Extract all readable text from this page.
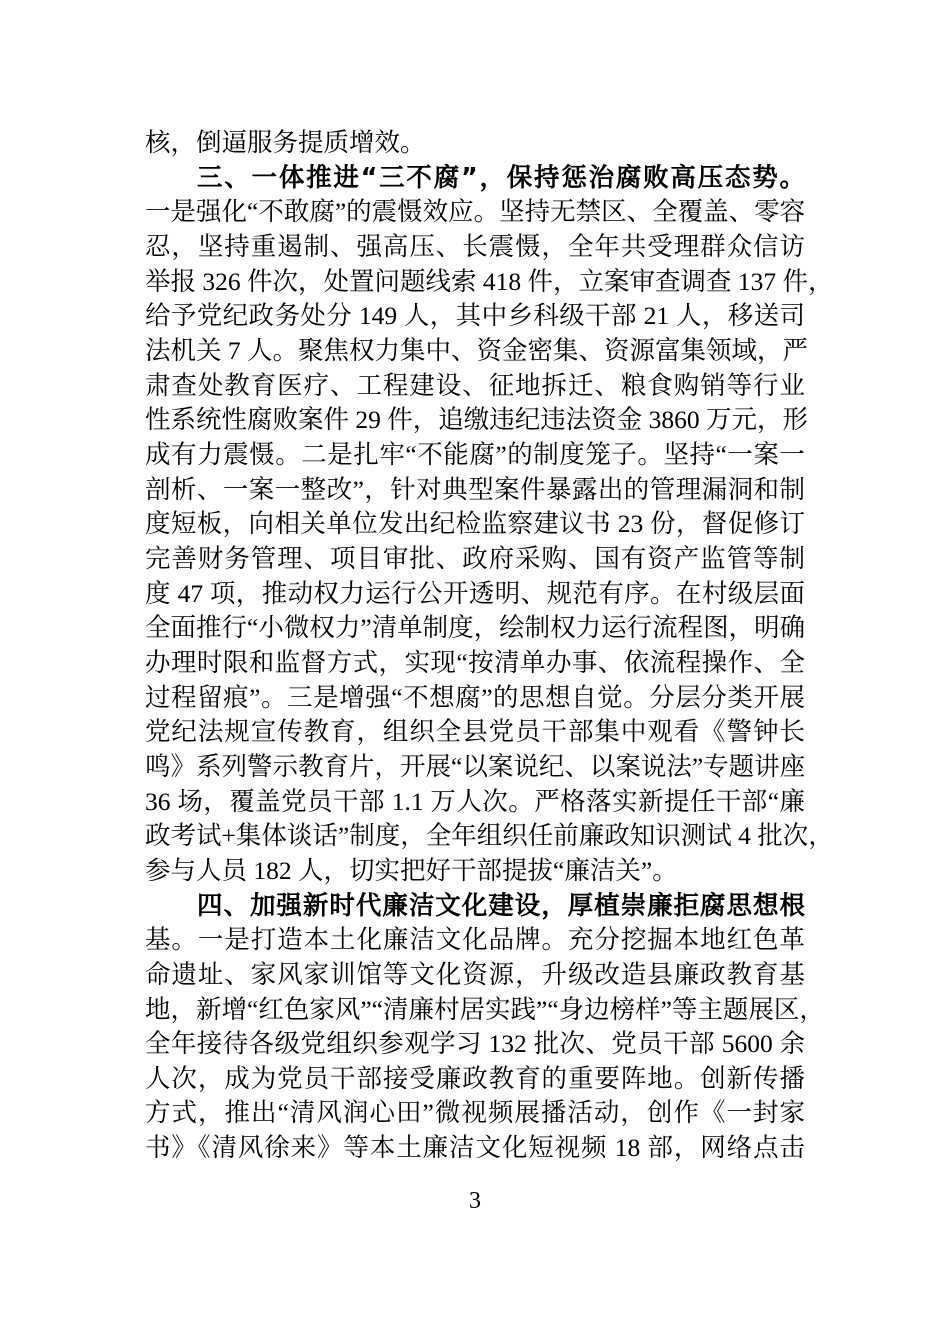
核，倒逼服务提质增效。
三、一体推进“三不腐”，保持惩治腐败高压态势。
一是强化“不敢腐”的震慑效应。坚持无禁区、全覆盖、零容
忍，坚持重遏制、强高压、长震慑，全年共受理群众信访
举报 326 件次，处置问题线索 418 件，立案审查调查 137 件，
给予党纪政务处分 149 人，其中乡科级干部 21 人，移送司
法机关 7 人。聚焦权力集中、资金密集、资源富集领域，严
肃查处教育医疗、工程建设、征地拆迁、粮食购销等行业
性系统性腐败案件 29 件，追缴违纪违法资金 3860 万元，形
成有力震慑。二是扎牢“不能腐”的制度笼子。坚持“一案一
剖析、一案一整改”，针对典型案件暴露出的管理漏洞和制
度短板，向相关单位发出纪检监察建议书 23 份，督促修订
完善财务管理、项目审批、政府采购、国有资产监管等制
度 47 项，推动权力运行公开透明、规范有序。在村级层面
全面推行“小微权力”清单制度，绘制权力运行流程图，明确
办理时限和监督方式，实现“按清单办事、依流程操作、全
过程留痕”。三是增强“不想腐”的思想自觉。分层分类开展
党纪法规宣传教育，组织全县党员干部集中观看《警钟长
鸣》系列警示教育片，开展“以案说纪、以案说法”专题讲座
36 场，覆盖党员干部 1.1 万人次。严格落实新提任干部“廉
政考试+集体谈话”制度，全年组织任前廉政知识测试 4 批次，
参与人员 182 人，切实把好干部提拔“廉洁关”。
四、加强新时代廉洁文化建设，厚植崇廉拒腐思想根
基。一是打造本土化廉洁文化品牌。充分挖掘本地红色革
命遗址、家风家训馆等文化资源，升级改造县廉政教育基
地，新增“红色家风”“清廉村居实践”“身边榜样”等主题展区，
全年接待各级党组织参观学习 132 批次、党员干部 5600 余
人次，成为党员干部接受廉政教育的重要阵地。创新传播
方式，推出“清风润心田”微视频展播活动，创作《一封家
书》《清风徐来》等本土廉洁文化短视频 18 部，网络点击
3
